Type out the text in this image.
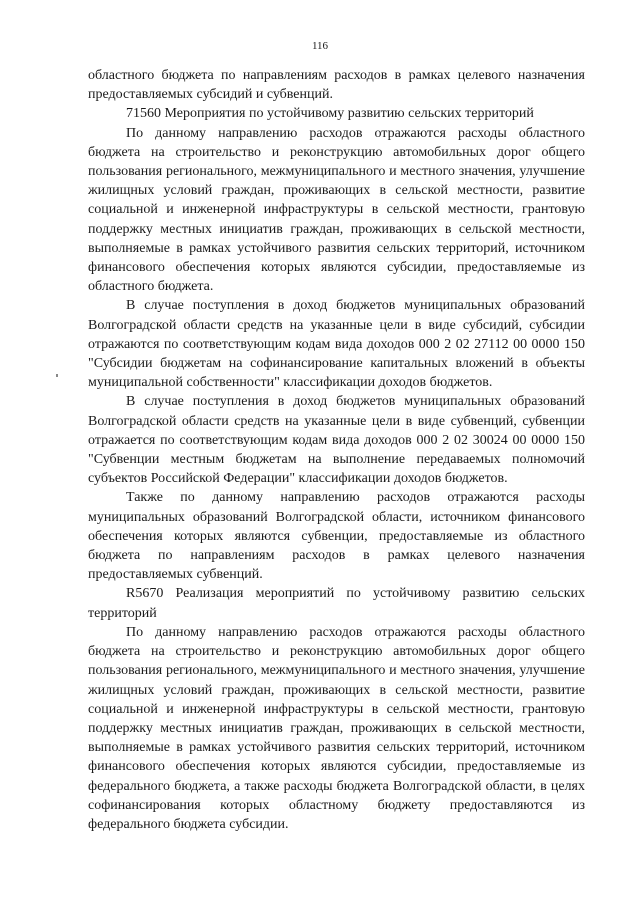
116

областного бюджета по направлениям расходов в рамках целевого назначения предоставляемых субсидий и субвенций.

71560 Мероприятия по устойчивому развитию сельских территорий

По данному направлению расходов отражаются расходы областного бюджета на строительство и реконструкцию автомобильных дорог общего пользования регионального, межмуниципального и местного значения, улучшение жилищных условий граждан, проживающих в сельской местности, развитие социальной и инженерной инфраструктуры в сельской местности, грантовую поддержку местных инициатив граждан, проживающих в сельской местности, выполняемые в рамках устойчивого развития сельских территорий, источником финансового обеспечения которых являются субсидии, предоставляемые из областного бюджета.

В случае поступления в доход бюджетов муниципальных образований Волгоградской области средств на указанные цели в виде субсидий, субсидии отражаются по соответствующим кодам вида доходов 000 2 02 27112 00 0000 150 "Субсидии бюджетам на софинансирование капитальных вложений в объекты муниципальной собственности" классификации доходов бюджетов.

В случае поступления в доход бюджетов муниципальных образований Волгоградской области средств на указанные цели в виде субвенций, субвенции отражается по соответствующим кодам вида доходов 000 2 02 30024 00 0000 150 "Субвенции местным бюджетам на выполнение передаваемых полномочий субъектов Российской Федерации" классификации доходов бюджетов.

Также по данному направлению расходов отражаются расходы муниципальных образований Волгоградской области, источником финансового обеспечения которых являются субвенции, предоставляемые из областного бюджета по направлениям расходов в рамках целевого назначения предоставляемых субвенций.

R5670 Реализация мероприятий по устойчивому развитию сельских территорий

По данному направлению расходов отражаются расходы областного бюджета на строительство и реконструкцию автомобильных дорог общего пользования регионального, межмуниципального и местного значения, улучшение жилищных условий граждан, проживающих в сельской местности, развитие социальной и инженерной инфраструктуры в сельской местности, грантовую поддержку местных инициатив граждан, проживающих в сельской местности, выполняемые в рамках устойчивого развития сельских территорий, источником финансового обеспечения которых являются субсидии, предоставляемые из федерального бюджета, а также расходы бюджета Волгоградской области, в целях софинансирования которых областному бюджету предоставляются из федерального бюджета субсидии.
